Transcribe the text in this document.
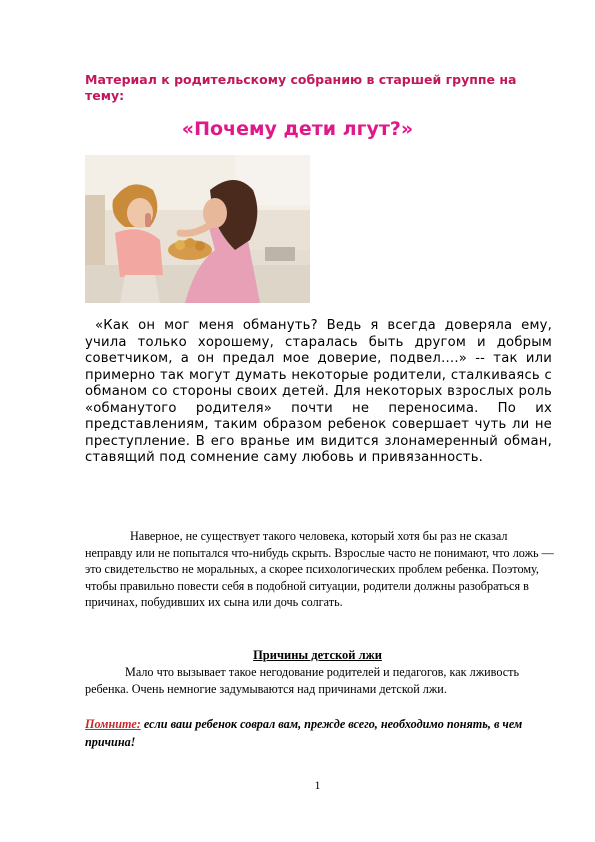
Материал к родительскому собранию в старшей группе на тему:
«Почему дети лгут?»
«Как он мог меня обмануть? Ведь я всегда доверяла ему, учила только хорошему, старалась быть другом и добрым советчиком, а он предал мое доверие, подвел….» -- так или примерно так могут думать некоторые родители, сталкиваясь с обманом со стороны своих детей. Для некоторых взрослых роль «обманутого родителя» почти не переносима. По их представлениям, таким образом ребенок совершает чуть ли не преступление. В его вранье им видится злонамеренный обман, ставящий под сомнение саму любовь и привязанность.
Наверное, не существует такого человека, который хотя бы раз не сказал неправду или не попытался что-нибудь скрыть. Взрослые часто не понимают, что ложь — это свидетельство не моральных, а скорее психологических проблем ребенка. Поэтому, чтобы правильно повести себя в подобной ситуации, родители должны разобраться в причинах, побудивших их сына или дочь солгать.
Причины детской лжи
Мало что вызывает такое негодование родителей и педагогов, как лживость ребенка. Очень немногие задумываются над причинами детской лжи.
Помните: если ваш ребенок соврал вам, прежде всего, необходимо понять, в чем причина!
1
